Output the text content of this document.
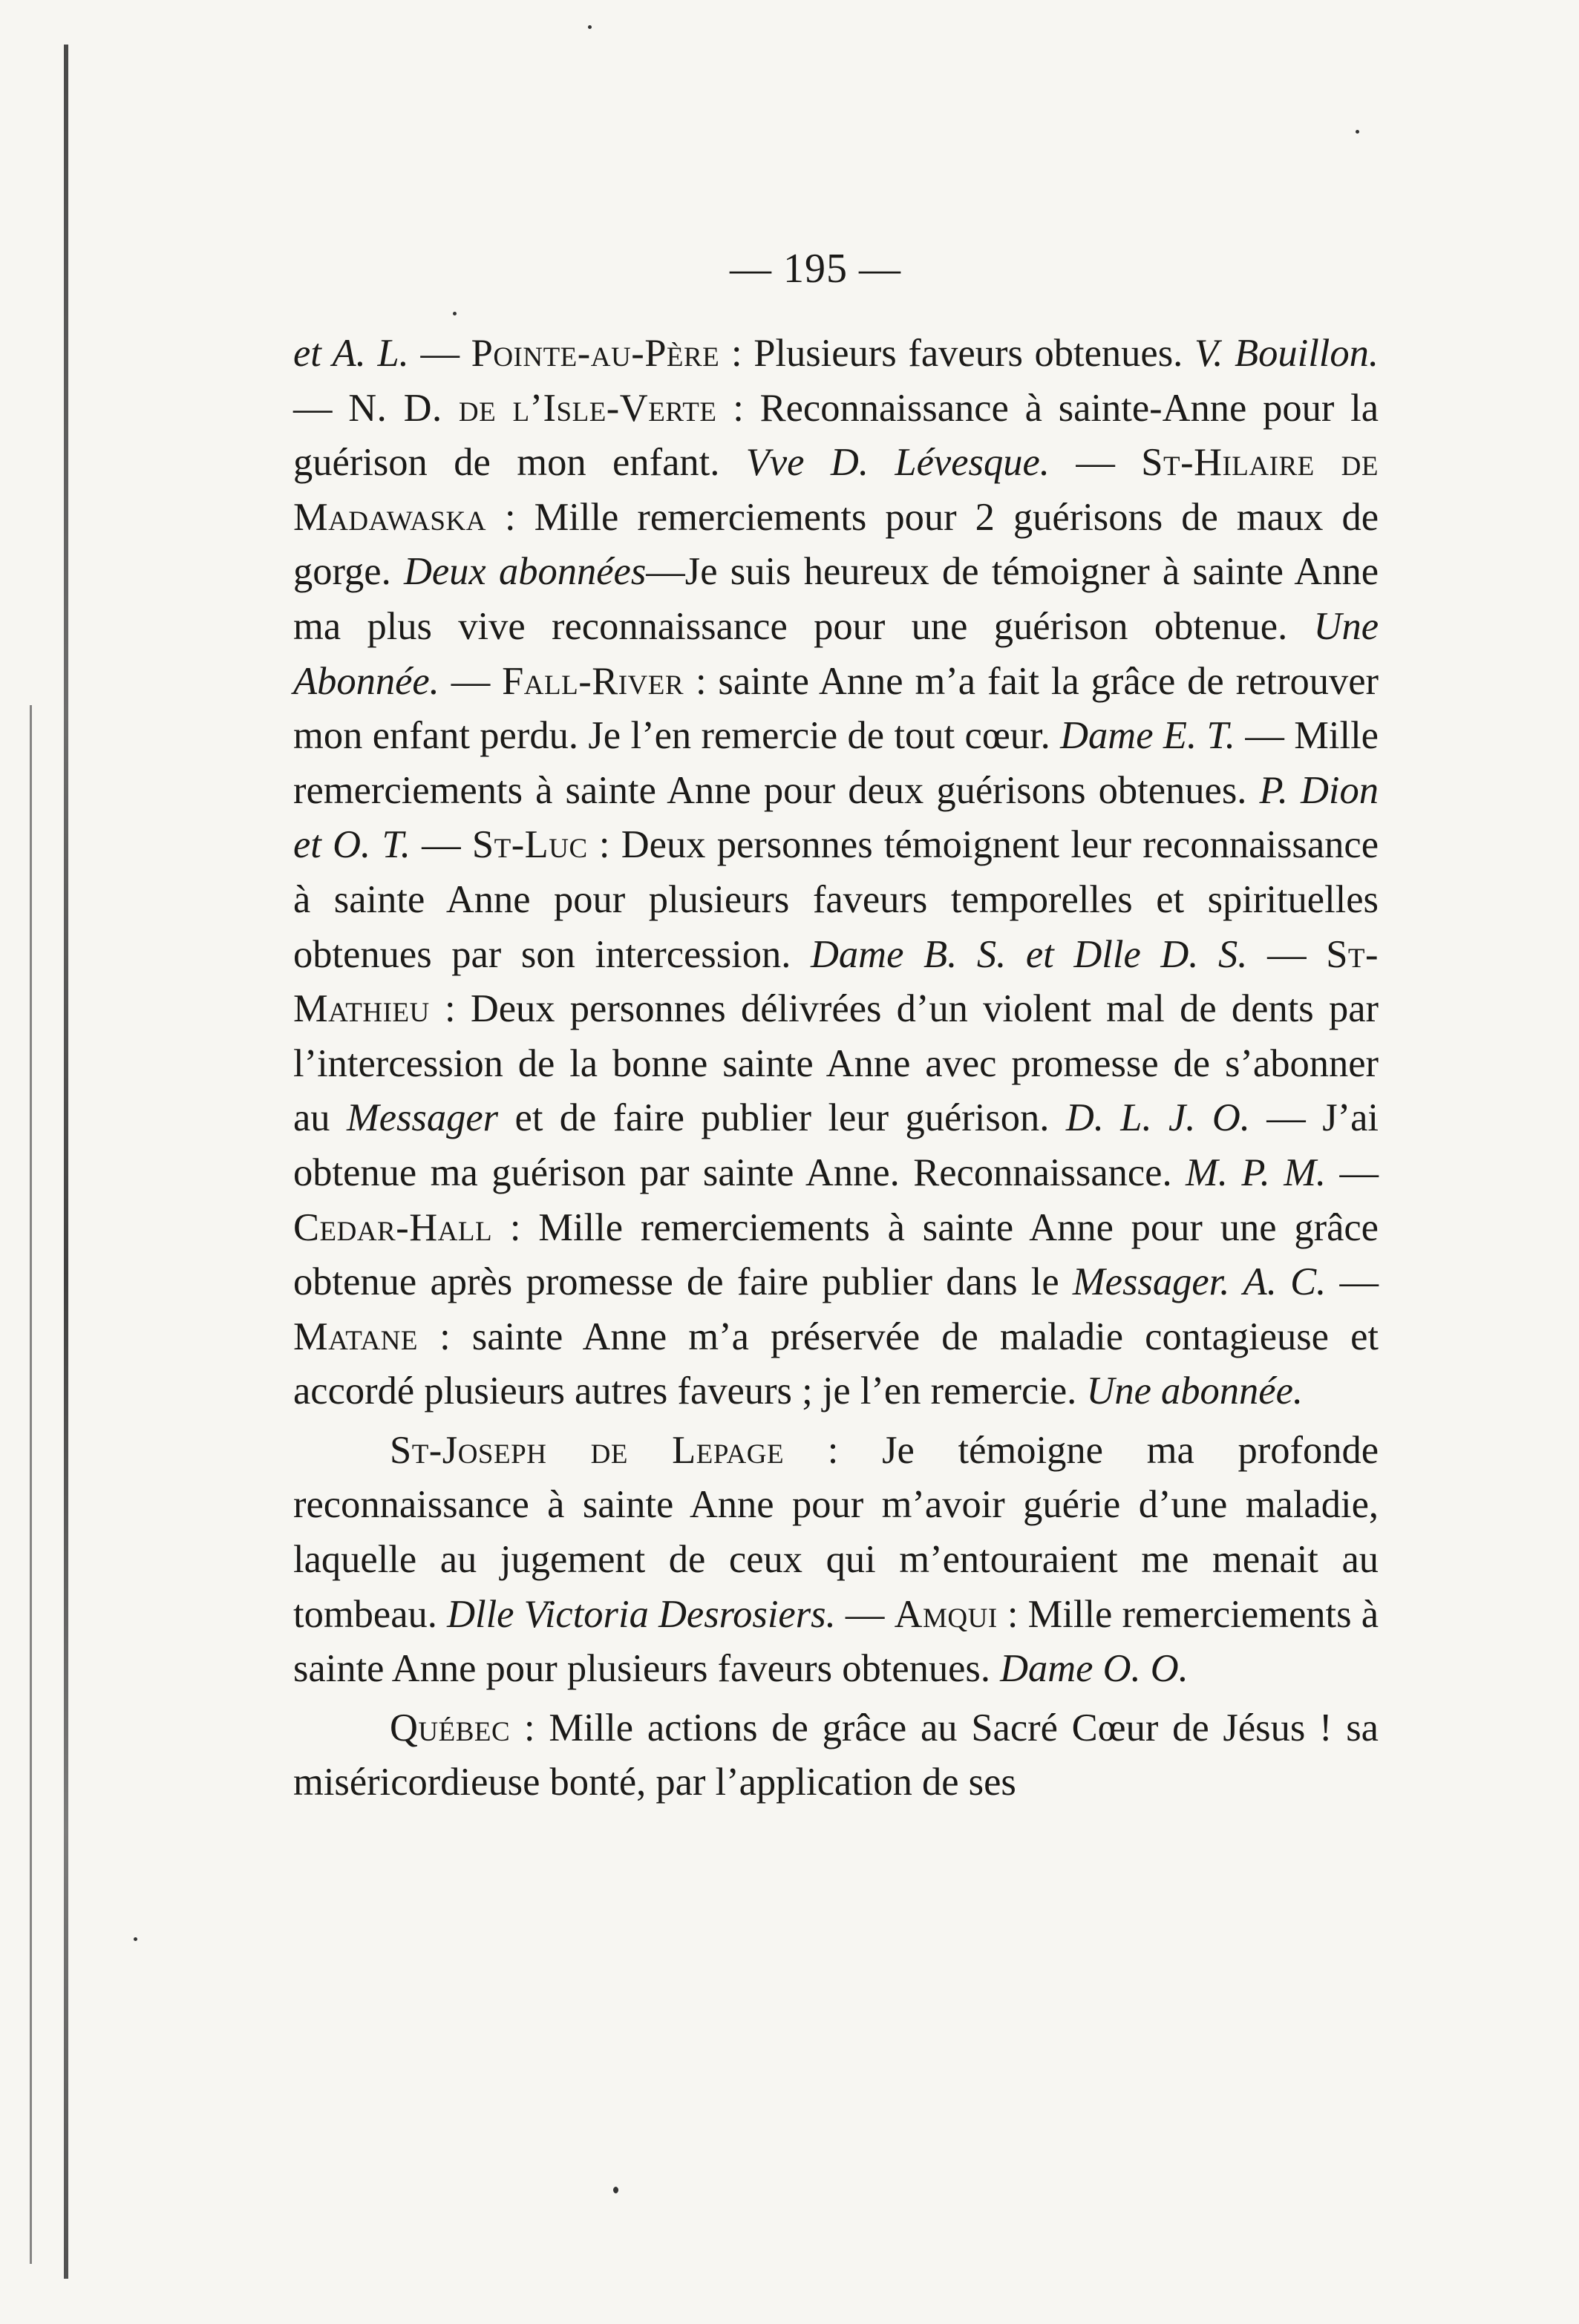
— 195 —

et A. L. — Pointe-au-Père : Plusieurs faveurs obtenues. V. Bouillon. — N. D. de l’Isle-Verte : Reconnaissance à sainte-Anne pour la guérison de mon enfant. Vve D. Lévesque. — St-Hilaire de Madawaska : Mille remerciements pour 2 guérisons de maux de gorge. Deux abonnées—Je suis heureux de témoigner à sainte Anne ma plus vive reconnaissance pour une guérison obtenue. Une Abonnée. — Fall-River : sainte Anne m’a fait la grâce de retrouver mon enfant perdu. Je l’en remercie de tout cœur. Dame E. T. — Mille remerciements à sainte Anne pour deux guérisons obtenues. P. Dion et O. T. — St-Luc : Deux personnes témoignent leur reconnaissance à sainte Anne pour plusieurs faveurs temporelles et spirituelles obtenues par son intercession. Dame B. S. et Dlle D. S. — St-Mathieu : Deux personnes délivrées d’un violent mal de dents par l’intercession de la bonne sainte Anne avec promesse de s’abonner au Messager et de faire publier leur guérison. D. L. J. O. — J’ai obtenue ma guérison par sainte Anne. Reconnaissance. M. P. M. — Cedar-Hall : Mille remerciements à sainte Anne pour une grâce obtenue après promesse de faire publier dans le Messager. A. C. — Matane : sainte Anne m’a préservée de maladie contagieuse et accordé plusieurs autres faveurs ; je l’en remercie. Une abonnée.

St-Joseph de Lepage : Je témoigne ma profonde reconnaissance à sainte Anne pour m’avoir guérie d’une maladie, laquelle au jugement de ceux qui m’entouraient me menait au tombeau. Dlle Victoria Desrosiers. — Amqui : Mille remerciements à sainte Anne pour plusieurs faveurs obtenues. Dame O. O.

Québec : Mille actions de grâce au Sacré Cœur de Jésus ! sa miséricordieuse bonté, par l’application de ses
